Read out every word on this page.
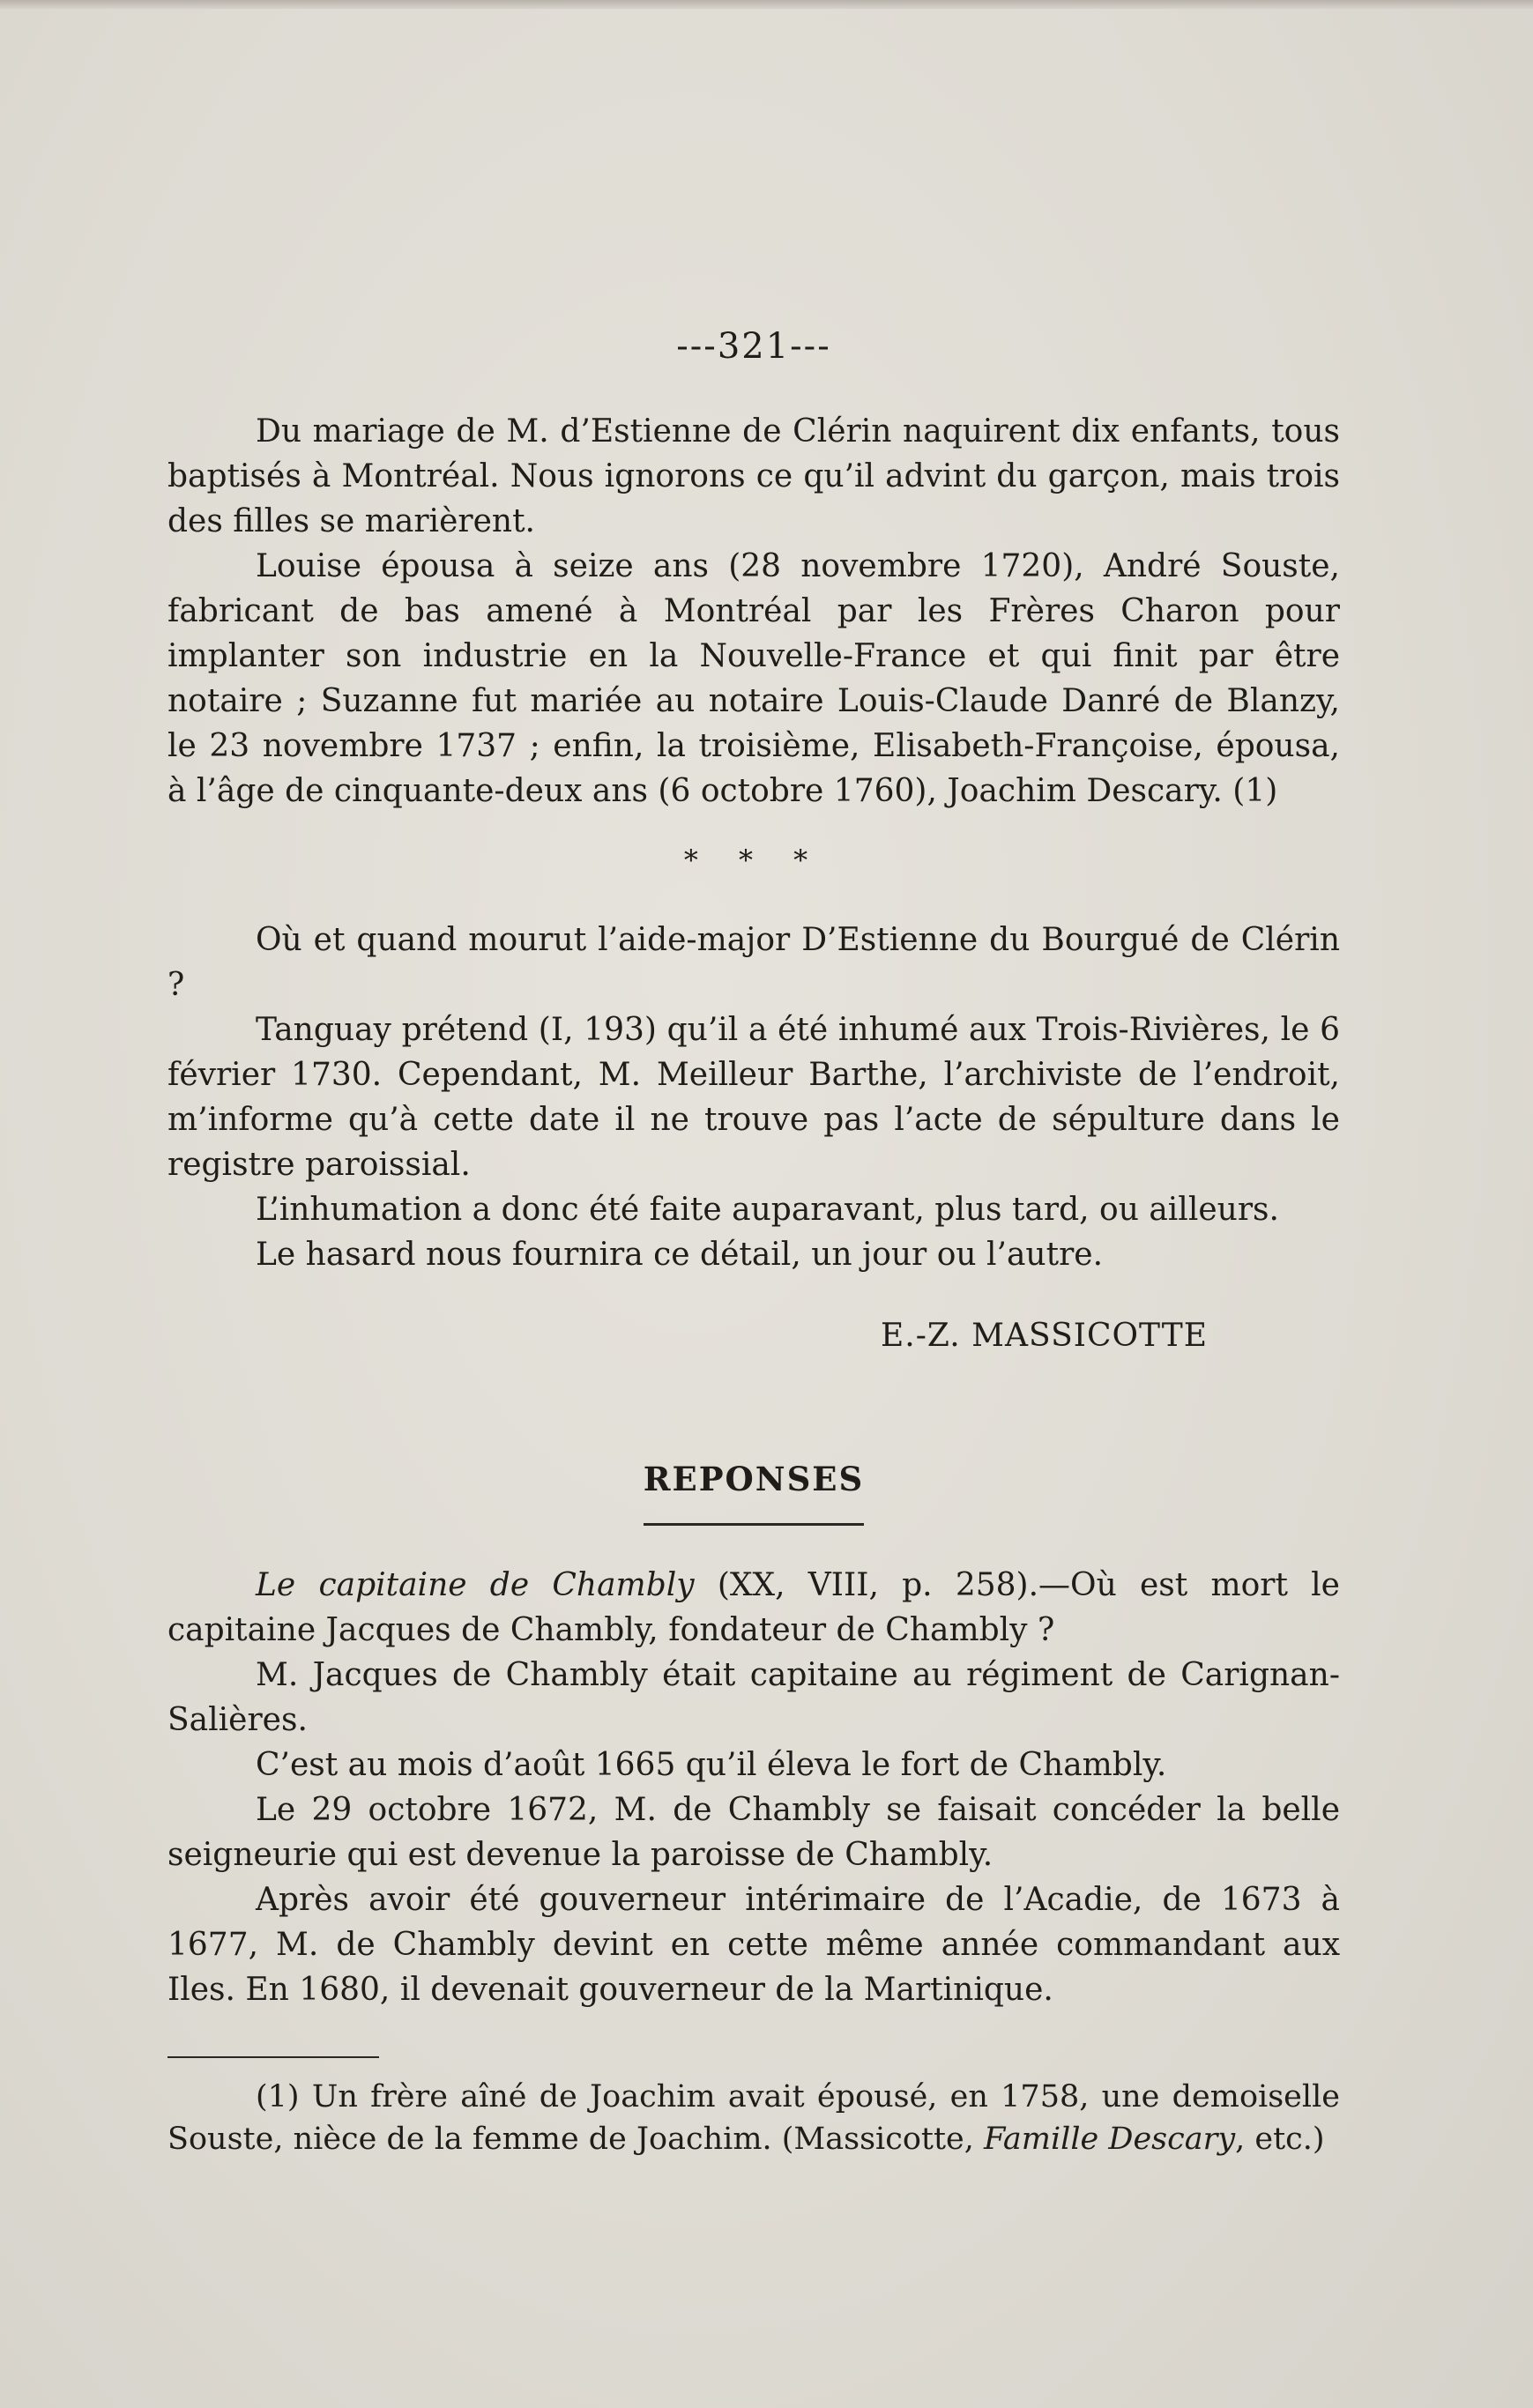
---321---

Du mariage de M. d’Estienne de Clérin naquirent dix enfants, tous baptisés à Montréal. Nous ignorons ce qu’il advint du garçon, mais trois des filles se marièrent.

Louise épousa à seize ans (28 novembre 1720), André Souste, fabricant de bas amené à Montréal par les Frères Charon pour implanter son industrie en la Nouvelle-France et qui finit par être notaire ; Suzanne fut mariée au notaire Louis-Claude Danré de Blanzy, le 23 novembre 1737 ; enfin, la troisième, Elisabeth-Françoise, épousa, à l’âge de cinquante-deux ans (6 octobre 1760), Joachim Descary. (1)

* * *

Où et quand mourut l’aide-major D’Estienne du Bourgué de Clérin ?

Tanguay prétend (I, 193) qu’il a été inhumé aux Trois-Rivières, le 6 février 1730. Cependant, M. Meilleur Barthe, l’archiviste de l’endroit, m’informe qu’à cette date il ne trouve pas l’acte de sépulture dans le registre paroissial.

L’inhumation a donc été faite auparavant, plus tard, ou ailleurs.

Le hasard nous fournira ce détail, un jour ou l’autre.

E.-Z. MASSICOTTE
REPONSES

Le capitaine de Chambly (XX, VIII, p. 258).—Où est mort le capitaine Jacques de Chambly, fondateur de Chambly ?

M. Jacques de Chambly était capitaine au régiment de Carignan-Salières.

C’est au mois d’août 1665 qu’il éleva le fort de Chambly.

Le 29 octobre 1672, M. de Chambly se faisait concéder la belle seigneurie qui est devenue la paroisse de Chambly.

Après avoir été gouverneur intérimaire de l’Acadie, de 1673 à 1677, M. de Chambly devint en cette même année commandant aux Iles. En 1680, il devenait gouverneur de la Martinique.

(1) Un frère aîné de Joachim avait épousé, en 1758, une demoiselle Souste, nièce de la femme de Joachim. (Massicotte, Famille Descary, etc.)
